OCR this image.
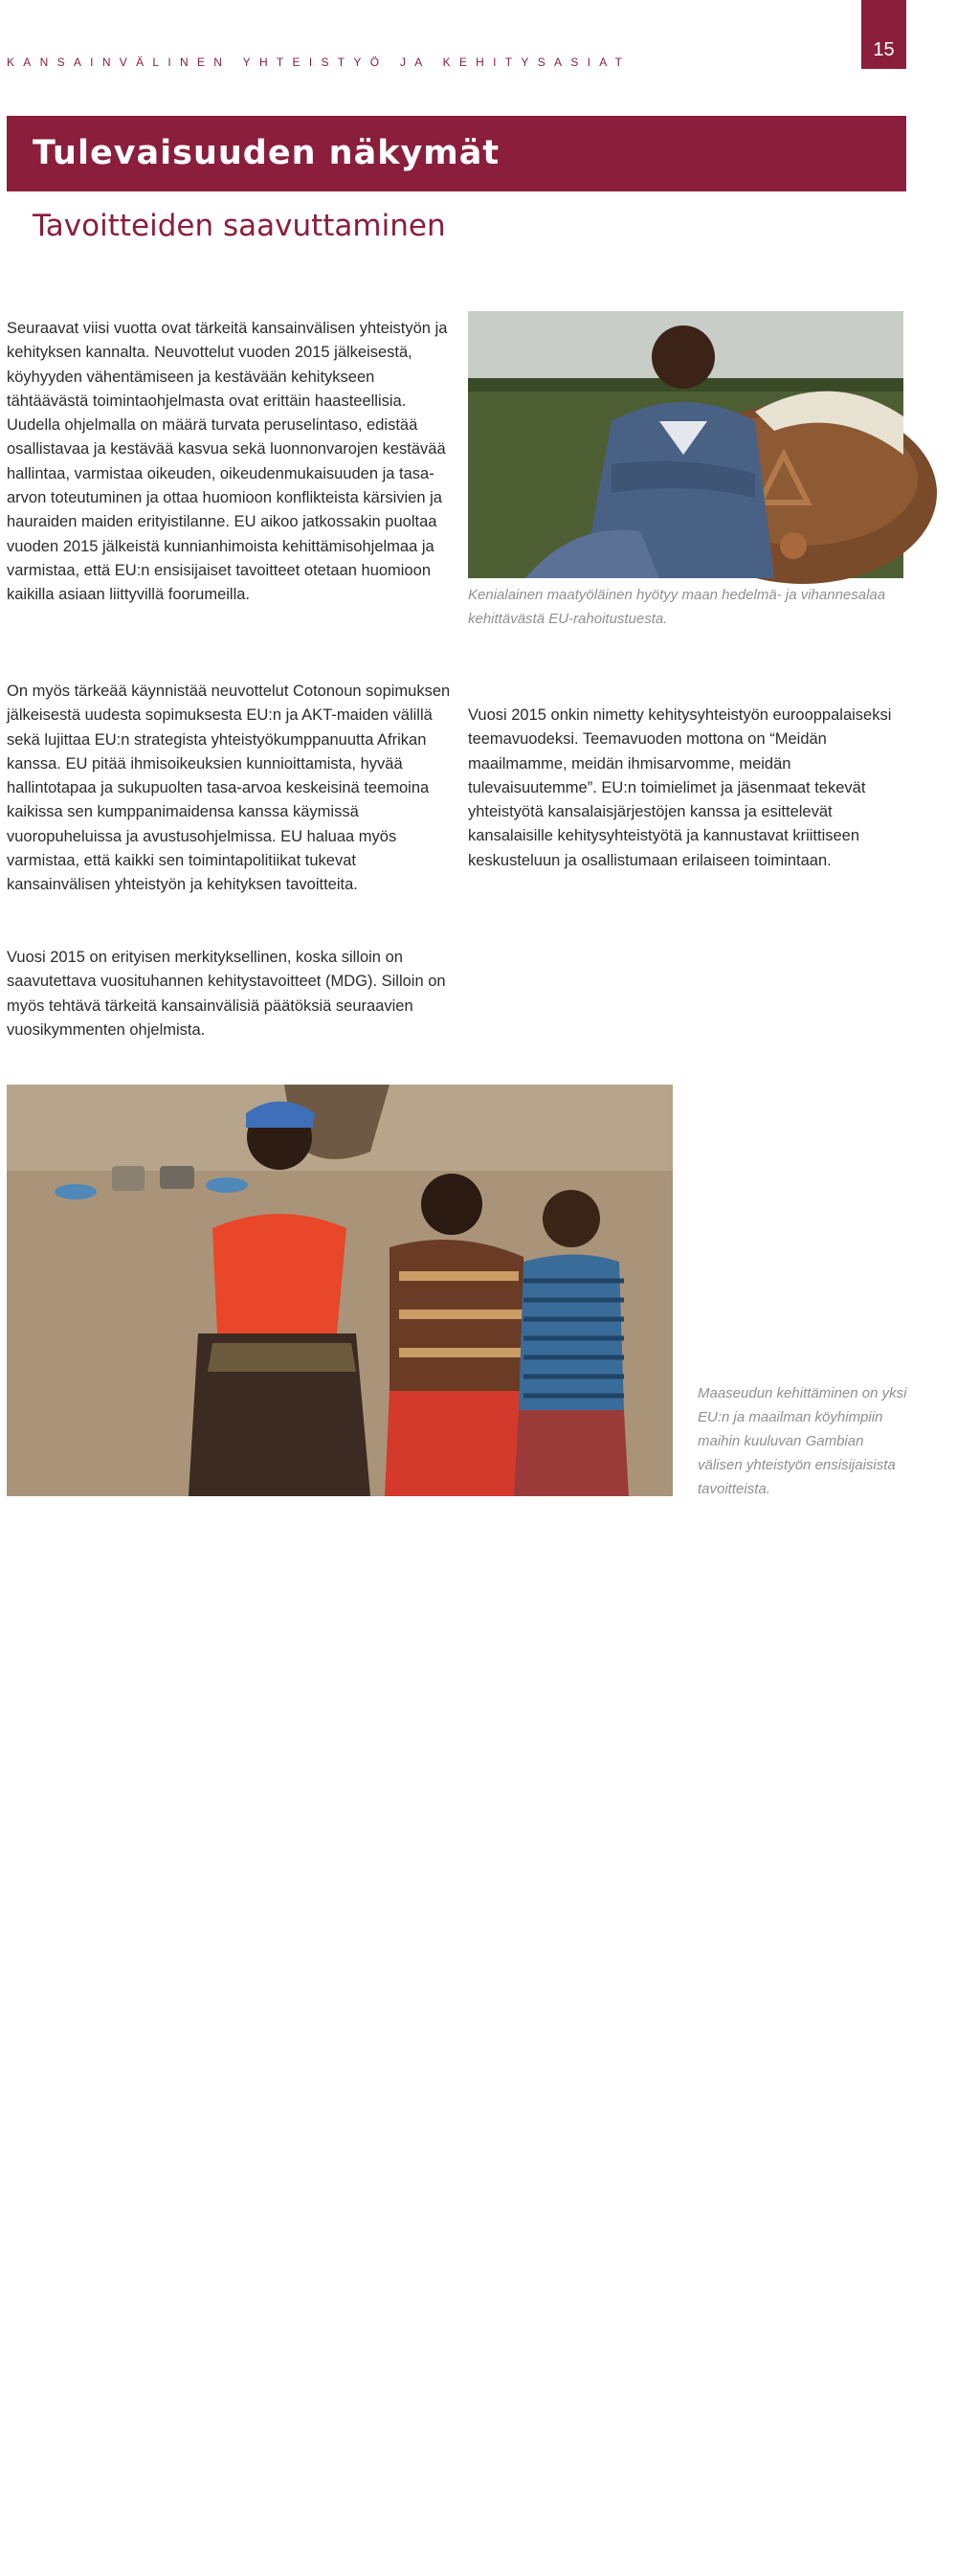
KANSAINVÄLINEN YHTEISTYÖ JA KEHITYSASIAT
15
Tulevaisuuden näkymät
Tavoitteiden saavuttaminen

Seuraavat viisi vuotta ovat tärkeitä kansainvälisen yhteistyön ja kehityksen kannalta. Neuvottelut vuoden 2015 jälkeisestä, köyhyyden vähentämiseen ja kestävään kehitykseen tähtäävästä toimintaohjelmasta ovat erittäin haasteellisia. Uudella ohjelmalla on määrä turvata peruselintaso, edistää osallistavaa ja kestävää kasvua sekä luonnonvarojen kestävää hallintaa, varmistaa oikeuden, oikeudenmukaisuuden ja tasa-arvon toteutuminen ja ottaa huomioon konflikteista kärsivien ja hauraiden maiden erityistilanne. EU aikoo jatkossakin puoltaa vuoden 2015 jälkeistä kunnianhimoista kehittämisohjelmaa ja varmistaa, että EU:n ensisijaiset tavoitteet otetaan huomioon kaikilla asiaan liittyvillä foorumeilla.

© Euroopan unioni / COLEACP

Kenialainen maatyöläinen hyötyy maan hedelmä- ja vihannesalaa kehittävästä EU-rahoitustuesta.

On myös tärkeää käynnistää neuvottelut Cotonoun sopimuksen jälkeisestä uudesta sopimuksesta EU:n ja AKT-maiden välillä sekä lujittaa EU:n strategista yhteistyökumppanuutta Afrikan kanssa. EU pitää ihmisoikeuksien kunnioittamista, hyvää hallintotapaa ja sukupuolten tasa-arvoa keskeisinä teemoina kaikissa sen kumppanimaidensa kanssa käymissä vuoropuheluissa ja avustusohjelmissa. EU haluaa myös varmistaa, että kaikki sen toimintapolitiikat tukevat kansainvälisen yhteistyön ja kehityksen tavoitteita.

Vuosi 2015 onkin nimetty kehitysyhteistyön eurooppalaiseksi teemavuodeksi. Teemavuoden mottona on “Meidän maailmamme, meidän ihmisarvomme, meidän tulevaisuutemme”. EU:n toimielimet ja jäsenmaat tekevät yhteistyötä kansalaisjärjestöjen kanssa ja esittelevät kansalaisille kehitysyhteistyötä ja kannustavat kriittiseen keskusteluun ja osallistumaan erilaiseen toimintaan.

Vuosi 2015 on erityisen merkityksellinen, koska silloin on saavutettava vuosituhannen kehitystavoitteet (MDG). Silloin on myös tehtävä tärkeitä kansainvälisiä päätöksiä seuraavien vuosikymmenten ohjelmista.

© Euroopan unioni

Maaseudun kehittäminen on yksi EU:n ja maailman köyhimpiin maihin kuuluvan Gambian välisen yhteistyön ensisijaisista tavoitteista.
